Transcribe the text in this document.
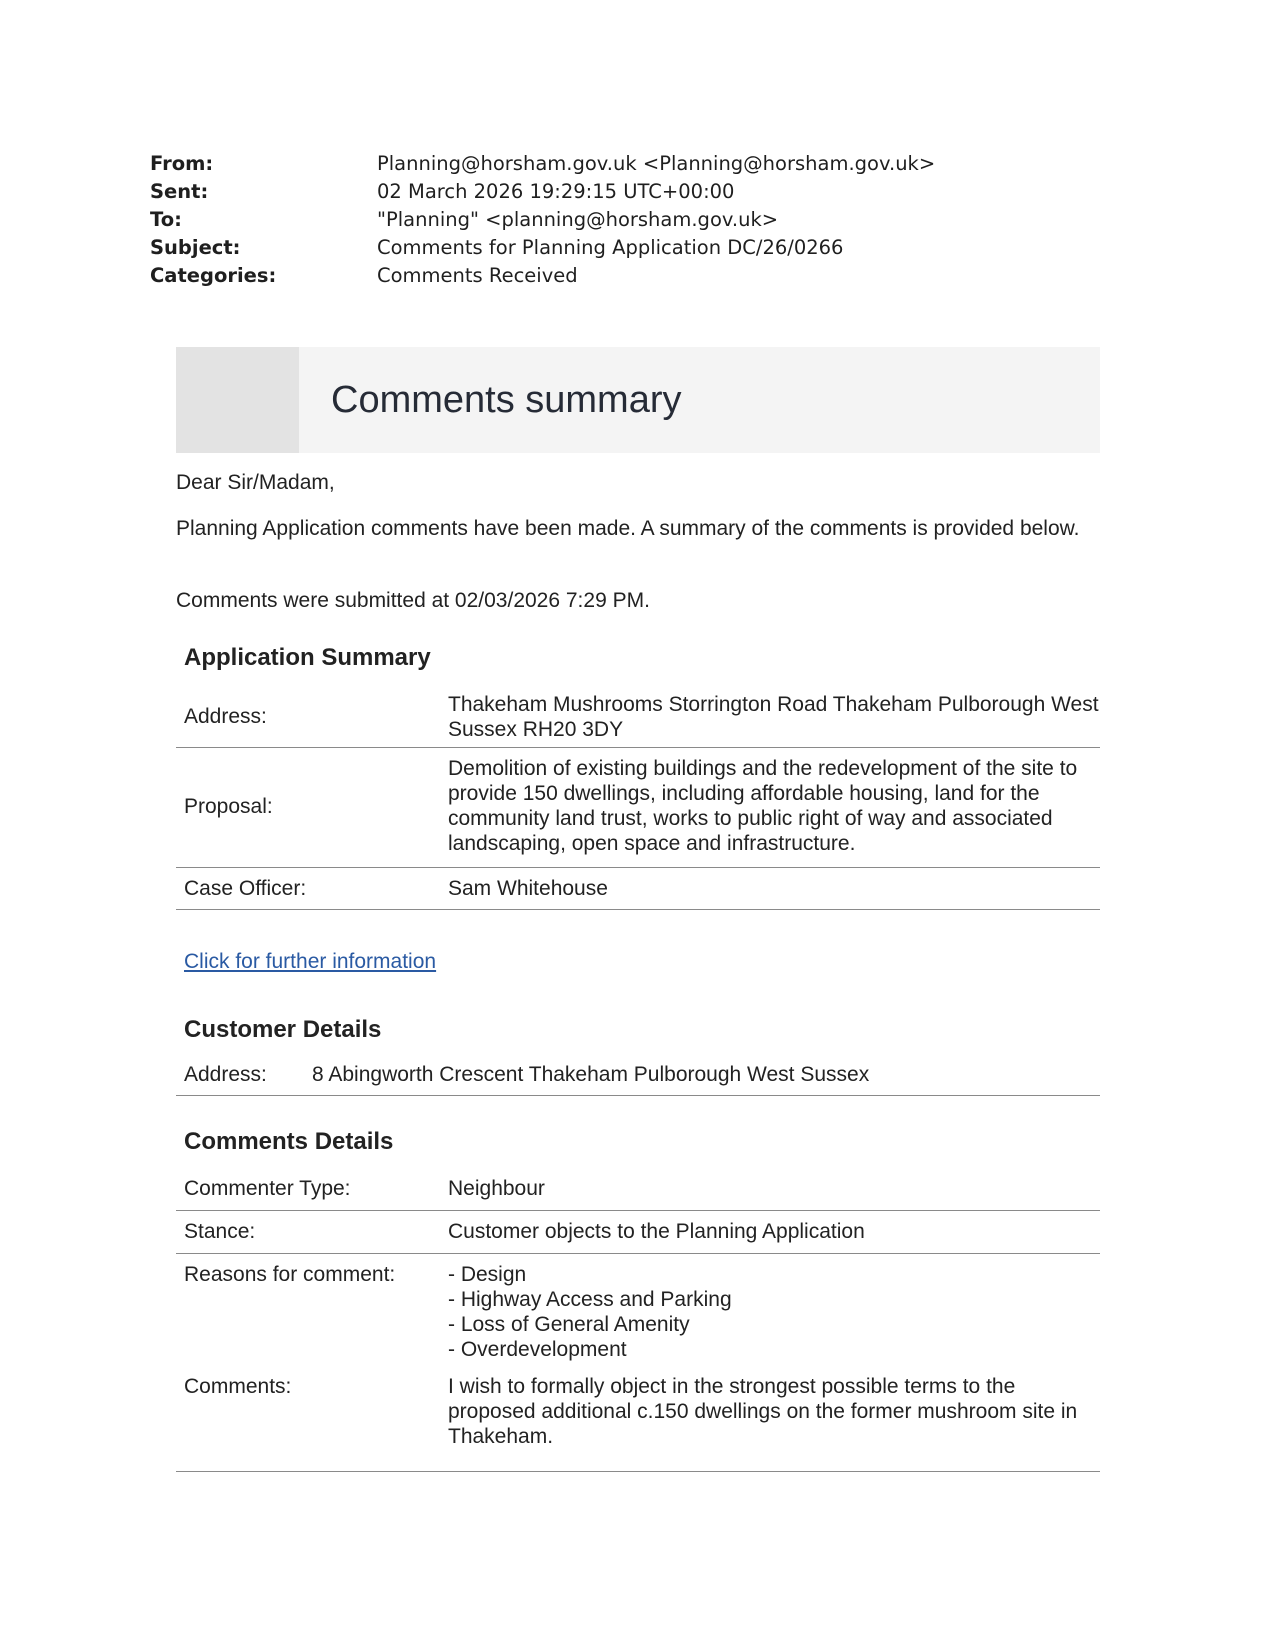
From:	Planning@horsham.gov.uk <Planning@horsham.gov.uk>
Sent:	02 March 2026 19:29:15 UTC+00:00
To:	"Planning" <planning@horsham.gov.uk>
Subject:	Comments for Planning Application DC/26/0266
Categories:	Comments Received
Comments summary
Dear Sir/Madam,
Planning Application comments have been made. A summary of the comments is provided below.
Comments were submitted at 02/03/2026 7:29 PM.
Application Summary
Address:
Thakeham Mushrooms Storrington Road Thakeham Pulborough West Sussex RH20 3DY
Proposal:
Demolition of existing buildings and the redevelopment of the site to provide 150 dwellings, including affordable housing, land for the community land trust, works to public right of way and associated landscaping, open space and infrastructure.
Case Officer:	Sam Whitehouse
Click for further information
Customer Details
Address: 8 Abingworth Crescent Thakeham Pulborough West Sussex
Comments Details
Commenter Type:	Neighbour
Stance:	Customer objects to the Planning Application
Reasons for comment:	- Design
- Highway Access and Parking
- Loss of General Amenity
- Overdevelopment
Comments:	I wish to formally object in the strongest possible terms to the proposed additional c.150 dwellings on the former mushroom site in Thakeham.
